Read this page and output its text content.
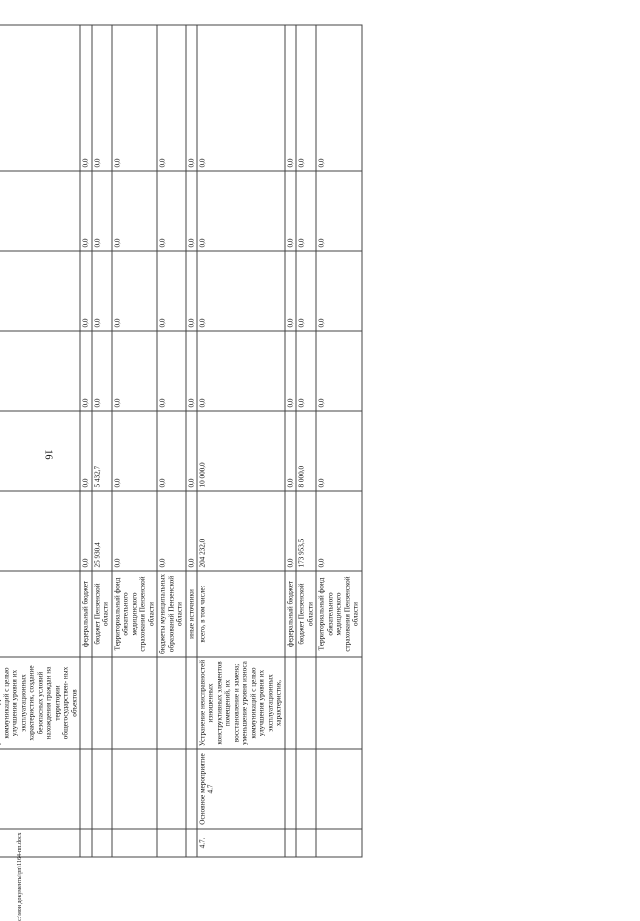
16

		коммуникаций с целью улучшения уровня их эксплуатационных характеристик, создание безопасных условий нахождения граждан на территории общегосударствен- ных объектов							
			федеральный бюджет	0,0	0,0	0,0	0,0	0,0	0,0
			бюджет Пензенской области	25 930,4	5 432,7	0,0	0,0	0,0	0,0
			Территориальный фонд обязательного медицинского страхования Пензенской области	0,0	0,0	0,0	0,0	0,0	0,0
			бюджеты муниципальных образований Пензенской области	0,0	0,0	0,0	0,0	0,0	0,0
			иные источники	0,0	0,0	0,0	0,0	0,0	0,0
4.7.	Основное мероприятие 4.7	Устранение неисправностей изношенных конструктивных элементов помещений, их восстановление и замена; уменьшение уровня износа коммуникаций с целью улучшения уровня их эксплуатационных характеристик,	всего, в том числе:	204 232,0	10 000,0	0,0	0,0	0,0	0,0
			федеральный бюджет	0,0	0,0	0,0	0,0	0,0	0,0
			бюджет Пензенской области	173 953,5	8 000,0	0,0	0,0	0,0	0,0
			Территориальный фонд обязательного медицинского страхования Пензенской области	0,0	0,0	0,0	0,0	0,0	0,0
c:\мои документы\рп\1164-пп.docx
